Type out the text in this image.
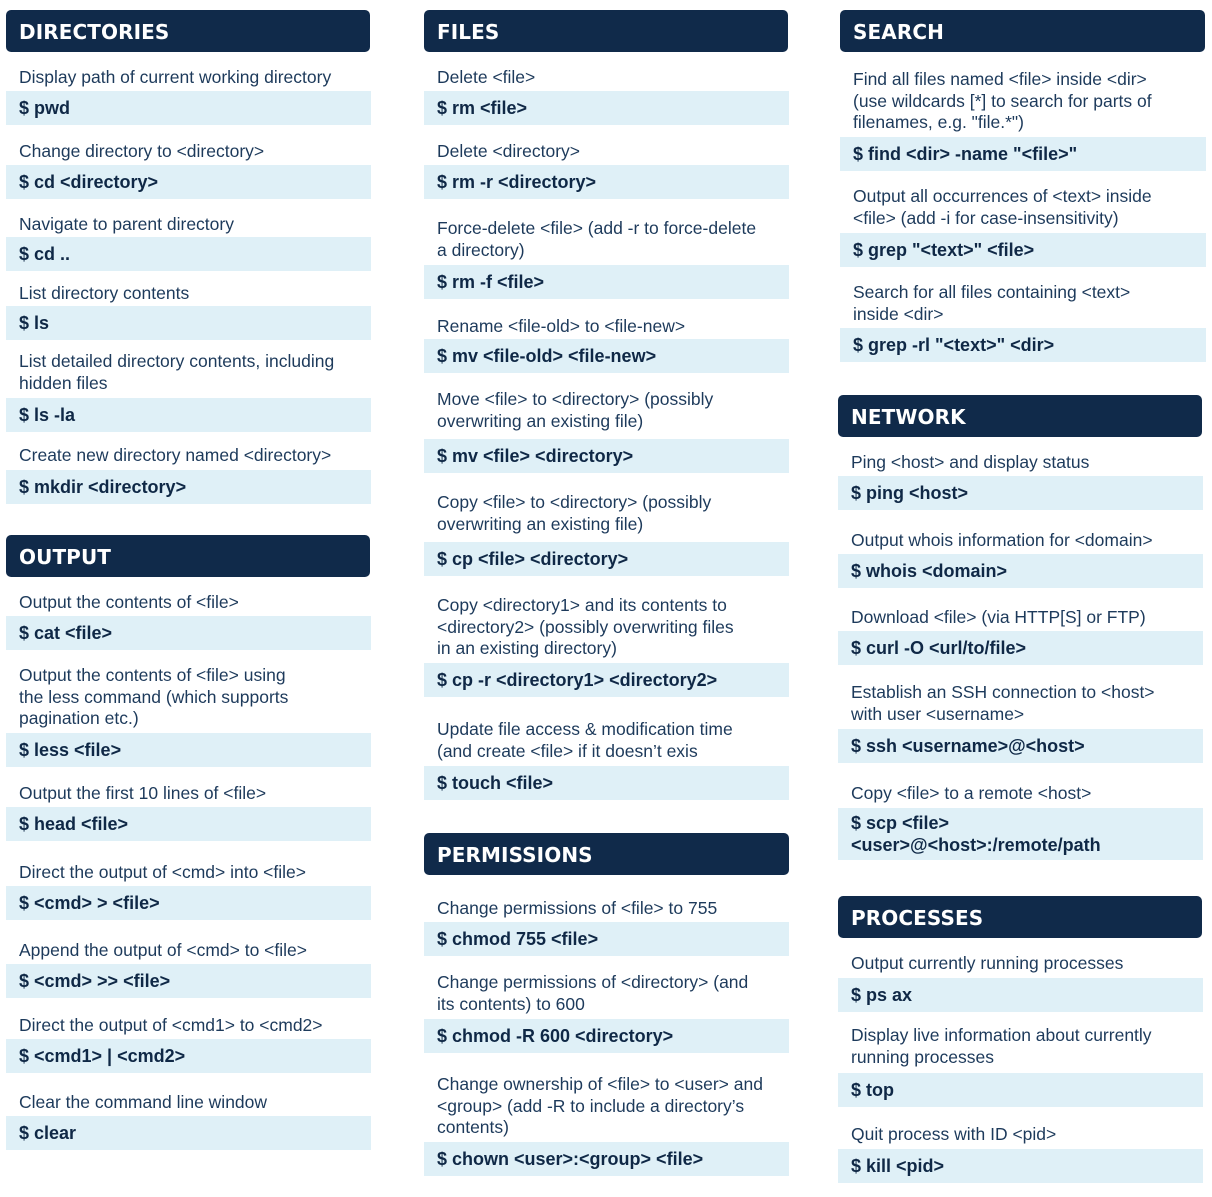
DIRECTORIES
OUTPUT
FILES
PERMISSIONS
SEARCH
NETWORK
PROCESSES
Display path of current working directory
$ pwd
Change directory to <directory>
$ cd <directory>
Navigate to parent directory
$ cd ..
List directory contents
$ ls
List detailed directory contents, including
hidden files
$ ls -la
Create new directory named <directory>
$ mkdir <directory>
Output the contents of <file>
$ cat <file>
Output the contents of <file> using
the less command (which supports
pagination etc.)
$ less <file>
Output the first 10 lines of <file>
$ head <file>
Direct the output of <cmd> into <file>
$ <cmd> > <file>
Append the output of <cmd> to <file>
$ <cmd> >> <file>
Direct the output of <cmd1> to <cmd2>
$ <cmd1> | <cmd2>
Clear the command line window
$ clear
Delete <file>
$ rm <file>
Delete <directory>
$ rm -r <directory>
Force-delete <file> (add -r to force-delete
a directory)
$ rm -f <file>
Rename <file-old> to <file-new>
$ mv <file-old> <file-new>
Move <file> to <directory> (possibly
overwriting an existing file)
$ mv <file> <directory>
Copy <file> to <directory> (possibly
overwriting an existing file)
$ cp <file> <directory>
Copy <directory1> and its contents to
<directory2> (possibly overwriting files
in an existing directory)
$ cp -r <directory1> <directory2>
Update file access & modification time
(and create <file> if it doesn’t exis
$ touch <file>
Change permissions of <file> to 755
$ chmod 755 <file>
Change permissions of <directory> (and
its contents) to 600
$ chmod -R 600 <directory>
Change ownership of <file> to <user> and
<group> (add -R to include a directory’s
contents)
$ chown <user>:<group> <file>
Find all files named <file> inside <dir>
(use wildcards [*] to search for parts of
filenames, e.g. "file.*")
$ find <dir> -name "<file>"
Output all occurrences of <text> inside
<file> (add -i for case-insensitivity)
$ grep "<text>" <file>
Search for all files containing <text>
inside <dir>
$ grep -rl "<text>" <dir>
Ping <host> and display status
$ ping <host>
Output whois information for <domain>
$ whois <domain>
Download <file> (via HTTP[S] or FTP)
$ curl -O <url/to/file>
Establish an SSH connection to <host>
with user <username>
$ ssh <username>@<host>
Copy <file> to a remote <host>
$ scp <file>
<user>@<host>:/remote/path
Output currently running processes
$ ps ax
Display live information about currently
running processes
$ top
Quit process with ID <pid>
$ kill <pid>
